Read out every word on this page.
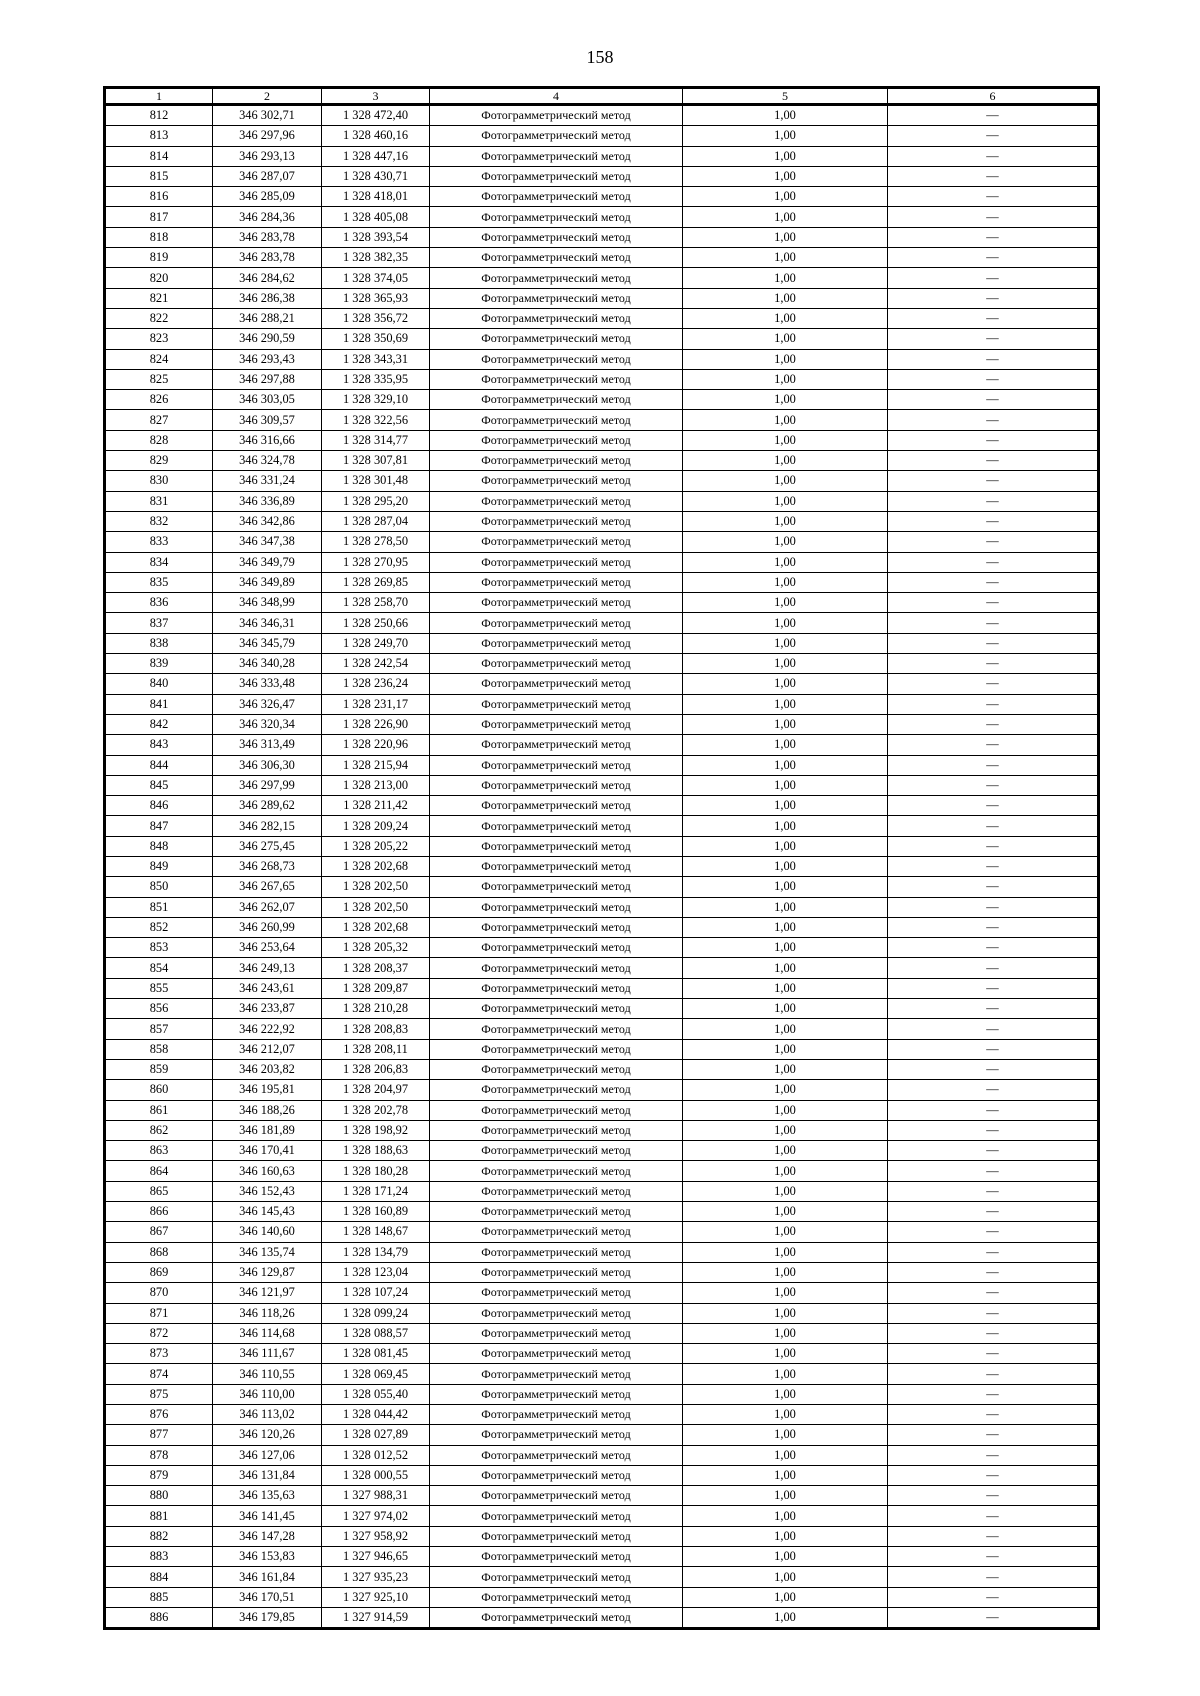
158
1	2	3	4	5	6
812	346 302,71	1 328 472,40	Фотограмметрический метод	1,00	—
813	346 297,96	1 328 460,16	Фотограмметрический метод	1,00	—
814	346 293,13	1 328 447,16	Фотограмметрический метод	1,00	—
815	346 287,07	1 328 430,71	Фотограмметрический метод	1,00	—
816	346 285,09	1 328 418,01	Фотограмметрический метод	1,00	—
817	346 284,36	1 328 405,08	Фотограмметрический метод	1,00	—
818	346 283,78	1 328 393,54	Фотограмметрический метод	1,00	—
819	346 283,78	1 328 382,35	Фотограмметрический метод	1,00	—
820	346 284,62	1 328 374,05	Фотограмметрический метод	1,00	—
821	346 286,38	1 328 365,93	Фотограмметрический метод	1,00	—
822	346 288,21	1 328 356,72	Фотограмметрический метод	1,00	—
823	346 290,59	1 328 350,69	Фотограмметрический метод	1,00	—
824	346 293,43	1 328 343,31	Фотограмметрический метод	1,00	—
825	346 297,88	1 328 335,95	Фотограмметрический метод	1,00	—
826	346 303,05	1 328 329,10	Фотограмметрический метод	1,00	—
827	346 309,57	1 328 322,56	Фотограмметрический метод	1,00	—
828	346 316,66	1 328 314,77	Фотограмметрический метод	1,00	—
829	346 324,78	1 328 307,81	Фотограмметрический метод	1,00	—
830	346 331,24	1 328 301,48	Фотограмметрический метод	1,00	—
831	346 336,89	1 328 295,20	Фотограмметрический метод	1,00	—
832	346 342,86	1 328 287,04	Фотограмметрический метод	1,00	—
833	346 347,38	1 328 278,50	Фотограмметрический метод	1,00	—
834	346 349,79	1 328 270,95	Фотограмметрический метод	1,00	—
835	346 349,89	1 328 269,85	Фотограмметрический метод	1,00	—
836	346 348,99	1 328 258,70	Фотограмметрический метод	1,00	—
837	346 346,31	1 328 250,66	Фотограмметрический метод	1,00	—
838	346 345,79	1 328 249,70	Фотограмметрический метод	1,00	—
839	346 340,28	1 328 242,54	Фотограмметрический метод	1,00	—
840	346 333,48	1 328 236,24	Фотограмметрический метод	1,00	—
841	346 326,47	1 328 231,17	Фотограмметрический метод	1,00	—
842	346 320,34	1 328 226,90	Фотограмметрический метод	1,00	—
843	346 313,49	1 328 220,96	Фотограмметрический метод	1,00	—
844	346 306,30	1 328 215,94	Фотограмметрический метод	1,00	—
845	346 297,99	1 328 213,00	Фотограмметрический метод	1,00	—
846	346 289,62	1 328 211,42	Фотограмметрический метод	1,00	—
847	346 282,15	1 328 209,24	Фотограмметрический метод	1,00	—
848	346 275,45	1 328 205,22	Фотограмметрический метод	1,00	—
849	346 268,73	1 328 202,68	Фотограмметрический метод	1,00	—
850	346 267,65	1 328 202,50	Фотограмметрический метод	1,00	—
851	346 262,07	1 328 202,50	Фотограмметрический метод	1,00	—
852	346 260,99	1 328 202,68	Фотограмметрический метод	1,00	—
853	346 253,64	1 328 205,32	Фотограмметрический метод	1,00	—
854	346 249,13	1 328 208,37	Фотограмметрический метод	1,00	—
855	346 243,61	1 328 209,87	Фотограмметрический метод	1,00	—
856	346 233,87	1 328 210,28	Фотограмметрический метод	1,00	—
857	346 222,92	1 328 208,83	Фотограмметрический метод	1,00	—
858	346 212,07	1 328 208,11	Фотограмметрический метод	1,00	—
859	346 203,82	1 328 206,83	Фотограмметрический метод	1,00	—
860	346 195,81	1 328 204,97	Фотограмметрический метод	1,00	—
861	346 188,26	1 328 202,78	Фотограмметрический метод	1,00	—
862	346 181,89	1 328 198,92	Фотограмметрический метод	1,00	—
863	346 170,41	1 328 188,63	Фотограмметрический метод	1,00	—
864	346 160,63	1 328 180,28	Фотограмметрический метод	1,00	—
865	346 152,43	1 328 171,24	Фотограмметрический метод	1,00	—
866	346 145,43	1 328 160,89	Фотограмметрический метод	1,00	—
867	346 140,60	1 328 148,67	Фотограмметрический метод	1,00	—
868	346 135,74	1 328 134,79	Фотограмметрический метод	1,00	—
869	346 129,87	1 328 123,04	Фотограмметрический метод	1,00	—
870	346 121,97	1 328 107,24	Фотограмметрический метод	1,00	—
871	346 118,26	1 328 099,24	Фотограмметрический метод	1,00	—
872	346 114,68	1 328 088,57	Фотограмметрический метод	1,00	—
873	346 111,67	1 328 081,45	Фотограмметрический метод	1,00	—
874	346 110,55	1 328 069,45	Фотограмметрический метод	1,00	—
875	346 110,00	1 328 055,40	Фотограмметрический метод	1,00	—
876	346 113,02	1 328 044,42	Фотограмметрический метод	1,00	—
877	346 120,26	1 328 027,89	Фотограмметрический метод	1,00	—
878	346 127,06	1 328 012,52	Фотограмметрический метод	1,00	—
879	346 131,84	1 328 000,55	Фотограмметрический метод	1,00	—
880	346 135,63	1 327 988,31	Фотограмметрический метод	1,00	—
881	346 141,45	1 327 974,02	Фотограмметрический метод	1,00	—
882	346 147,28	1 327 958,92	Фотограмметрический метод	1,00	—
883	346 153,83	1 327 946,65	Фотограмметрический метод	1,00	—
884	346 161,84	1 327 935,23	Фотограмметрический метод	1,00	—
885	346 170,51	1 327 925,10	Фотограмметрический метод	1,00	—
886	346 179,85	1 327 914,59	Фотограмметрический метод	1,00	—
